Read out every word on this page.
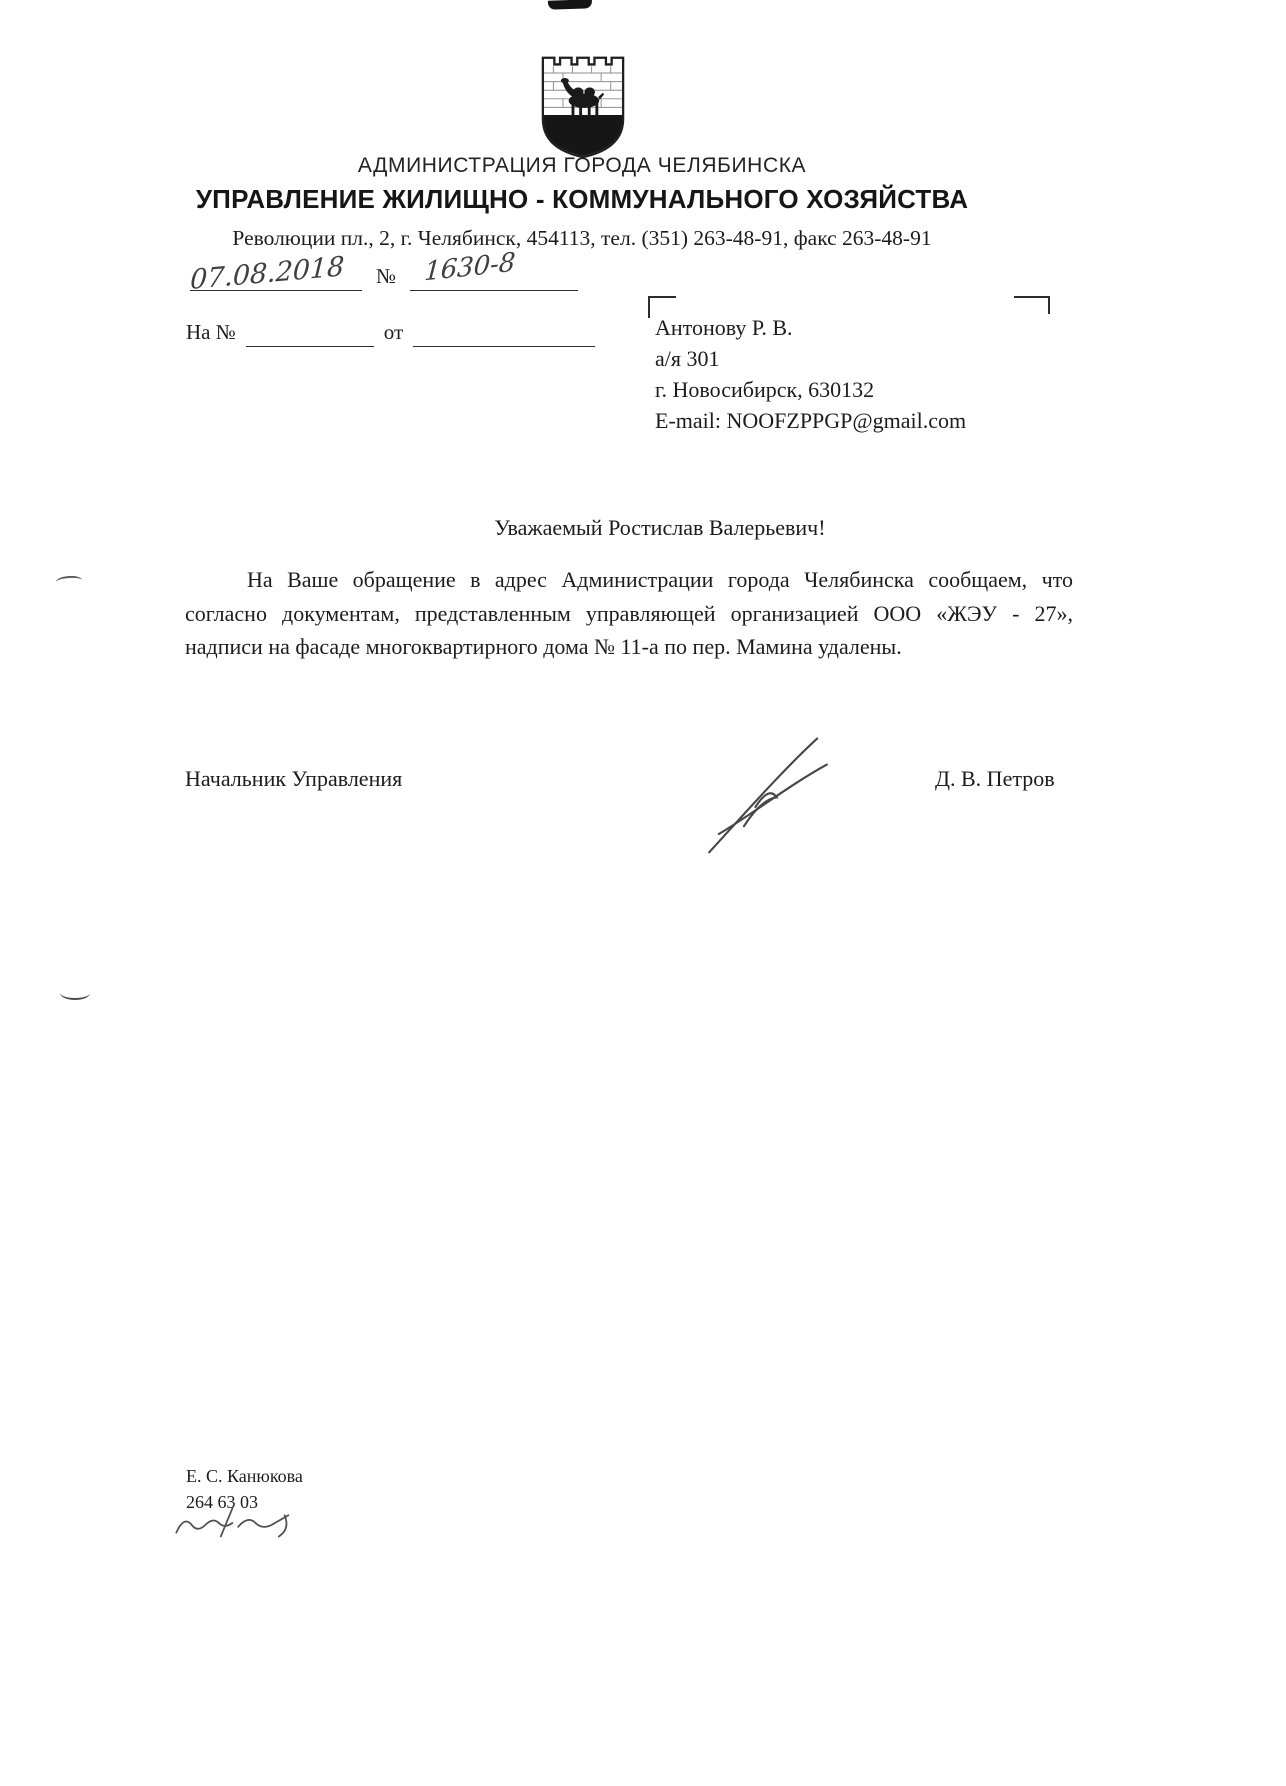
АДМИНИСТРАЦИЯ ГОРОДА ЧЕЛЯБИНСКА
УПРАВЛЕНИЕ ЖИЛИЩНО - КОММУНАЛЬНОГО ХОЗЯЙСТВА
Революции пл., 2, г. Челябинск, 454113, тел. (351) 263-48-91, факс 263-48-91
07.08.2018	№	1630-8
На №	от	Антонову Р. В.
а/я 301
г. Новосибирск, 630132
E-mail: NOOFZPPGP@gmail.com
Уважаемый Ростислав Валерьевич!
На Ваше обращение в адрес Администрации города Челябинска сообщаем, что согласно документам, представленным управляющей организацией ООО «ЖЭУ - 27», надписи на фасаде многоквартирного дома № 11-а по пер. Мамина удалены.
Начальник Управления	Д. В. Петров
Е. С. Канюкова
264 63 03
